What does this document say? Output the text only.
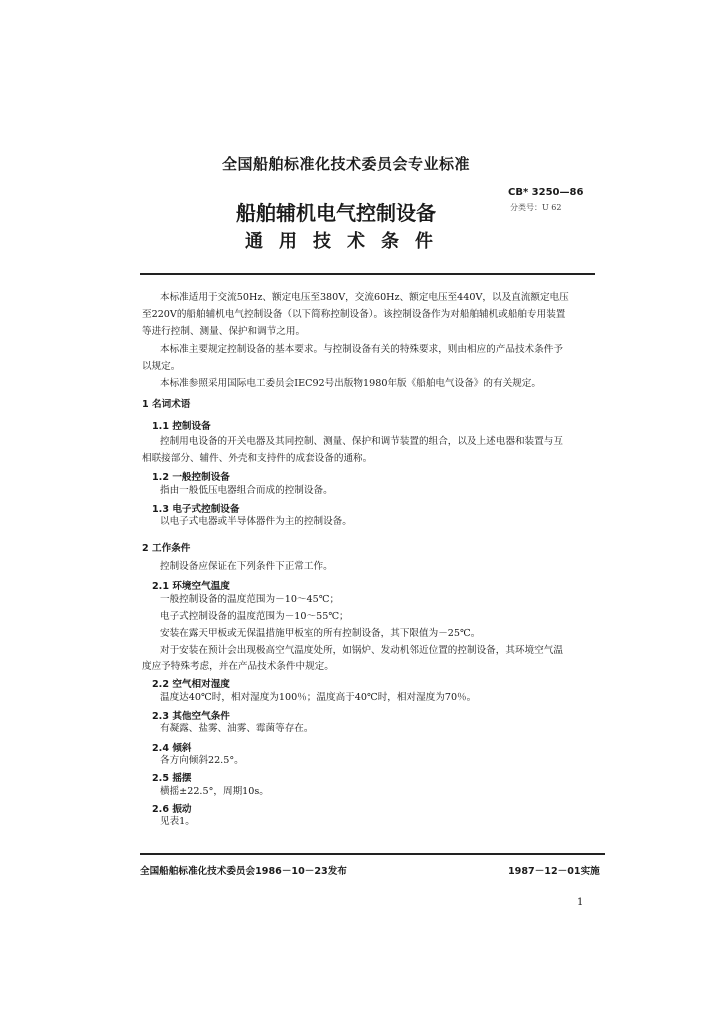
全国船舶标准化技术委员会专业标准
CB* 3250—86
分类号：U 62
船舶辅机电气控制设备
通用技术条件
本标准适用于交流50Hz、额定电压至380V，交流60Hz、额定电压至440V，以及直流额定电压
至220V的船舶辅机电气控制设备（以下简称控制设备）。该控制设备作为对船舶辅机或船舶专用装置
等进行控制、测量、保护和调节之用。
本标准主要规定控制设备的基本要求。与控制设备有关的特殊要求，则由相应的产品技术条件予
以规定。
本标准参照采用国际电工委员会IEC92号出版物1980年版《船舶电气设备》的有关规定。
1 名词术语
1.1 控制设备
控制用电设备的开关电器及其同控制、测量、保护和调节装置的组合，以及上述电器和装置与互
相联接部分、辅件、外壳和支持件的成套设备的通称。
1.2 一般控制设备
指由一般低压电器组合而成的控制设备。
1.3 电子式控制设备
以电子式电器或半导体器件为主的控制设备。
2 工作条件
控制设备应保证在下列条件下正常工作。
2.1 环境空气温度
一般控制设备的温度范围为－10～45℃；
电子式控制设备的温度范围为－10～55℃；
安装在露天甲板或无保温措施甲板室的所有控制设备，其下限值为－25℃。
对于安装在预计会出现极高空气温度处所，如锅炉、发动机邻近位置的控制设备，其环境空气温
度应予特殊考虑，并在产品技术条件中规定。
2.2 空气相对湿度
温度达40℃时，相对湿度为100％；温度高于40℃时，相对湿度为70％。
2.3 其他空气条件
有凝露、盐雾、油雾、霉菌等存在。
2.4 倾斜
各方向倾斜22.5°。
2.5 摇摆
横摇±22.5°，周期10s。
2.6 振动
见表1。
全国船舶标准化技术委员会1986－10－23发布	1987－12－01实施
1
